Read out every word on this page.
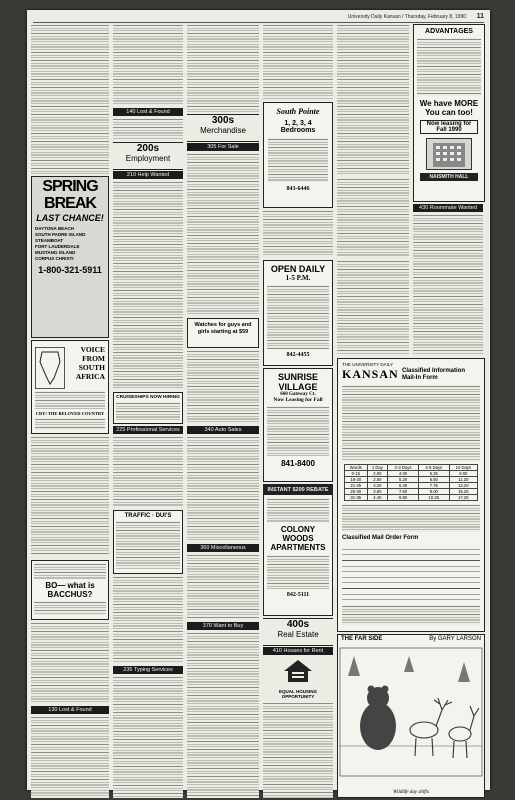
University Daily Kansan / Thursday, February 8, 1990 11
SPRING
BREAK
LAST CHANCE!
DAYTONA BEACH
SOUTH PADRE ISLAND
STEAMBOAT
FORT LAUDERDALE
MUSTANG ISLAND
CORPUS CHRISTI
1-800-321-5911
VOICE
FROM
SOUTH
AFRICA
CRY! THE BELOVED COUNTRY
BO— what is BACCHUS?
130 Lost & Found
140 Lost & Found
200s
Employment
210 Help Wanted
CRUISESHIPS NOW HIRING
225 Professional Services
TRAFFIC · DUI'S
235 Typing Services
300s
Merchandise
305 For Sale
Watches for guys and girls starting at $59
340 Auto Sales
360 Miscellaneous
370 Want to Buy
South Pointe
1, 2, 3, 4 Bedrooms
843-6446
OPEN DAILY
1-5 P.M.
842-4455
SUNRISE VILLAGE
660 Gateway Ct.
Now Leasing for Fall
841-8400
INSTANT $200 REBATE
COLONY WOODS APARTMENTS
842-5111
400s
Real Estate
410 Houses for Rent
EQUAL HOUSING OPPORTUNITY
ADVANTAGES
We have MORE You can too!
Now leasing for Fall 1990
NAISMITH HALL
430 Roommate Wanted
THE UNIVERSITY DAILY
KANSAN Classified Information Mail-In Form
Words	1 Day	2-3 Days	4-5 Days	10 Days
0-15	2.00	4.00	5.25	9.00
16-20	2.60	5.20	6.50	11.20
21-25	3.20	6.40	7.75	13.20
26-30	3.80	7.60	9.00	15.25
31-35	4.40	8.80	10.25	17.25
Classified Mail Order Form
By GARY LARSON
THE FAR SIDE
Wildlife day shifts
